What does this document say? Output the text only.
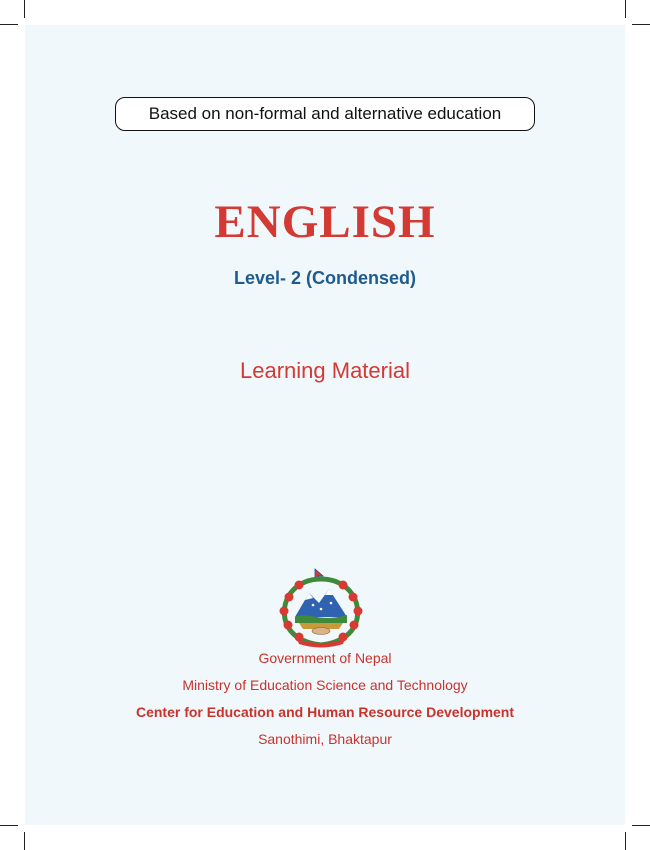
Based on non-formal and alternative education
ENGLISH
Level- 2 (Condensed)
Learning Material
Government of Nepal
Ministry of Education Science and Technology
Center for Education and Human Resource Development
Sanothimi, Bhaktapur
